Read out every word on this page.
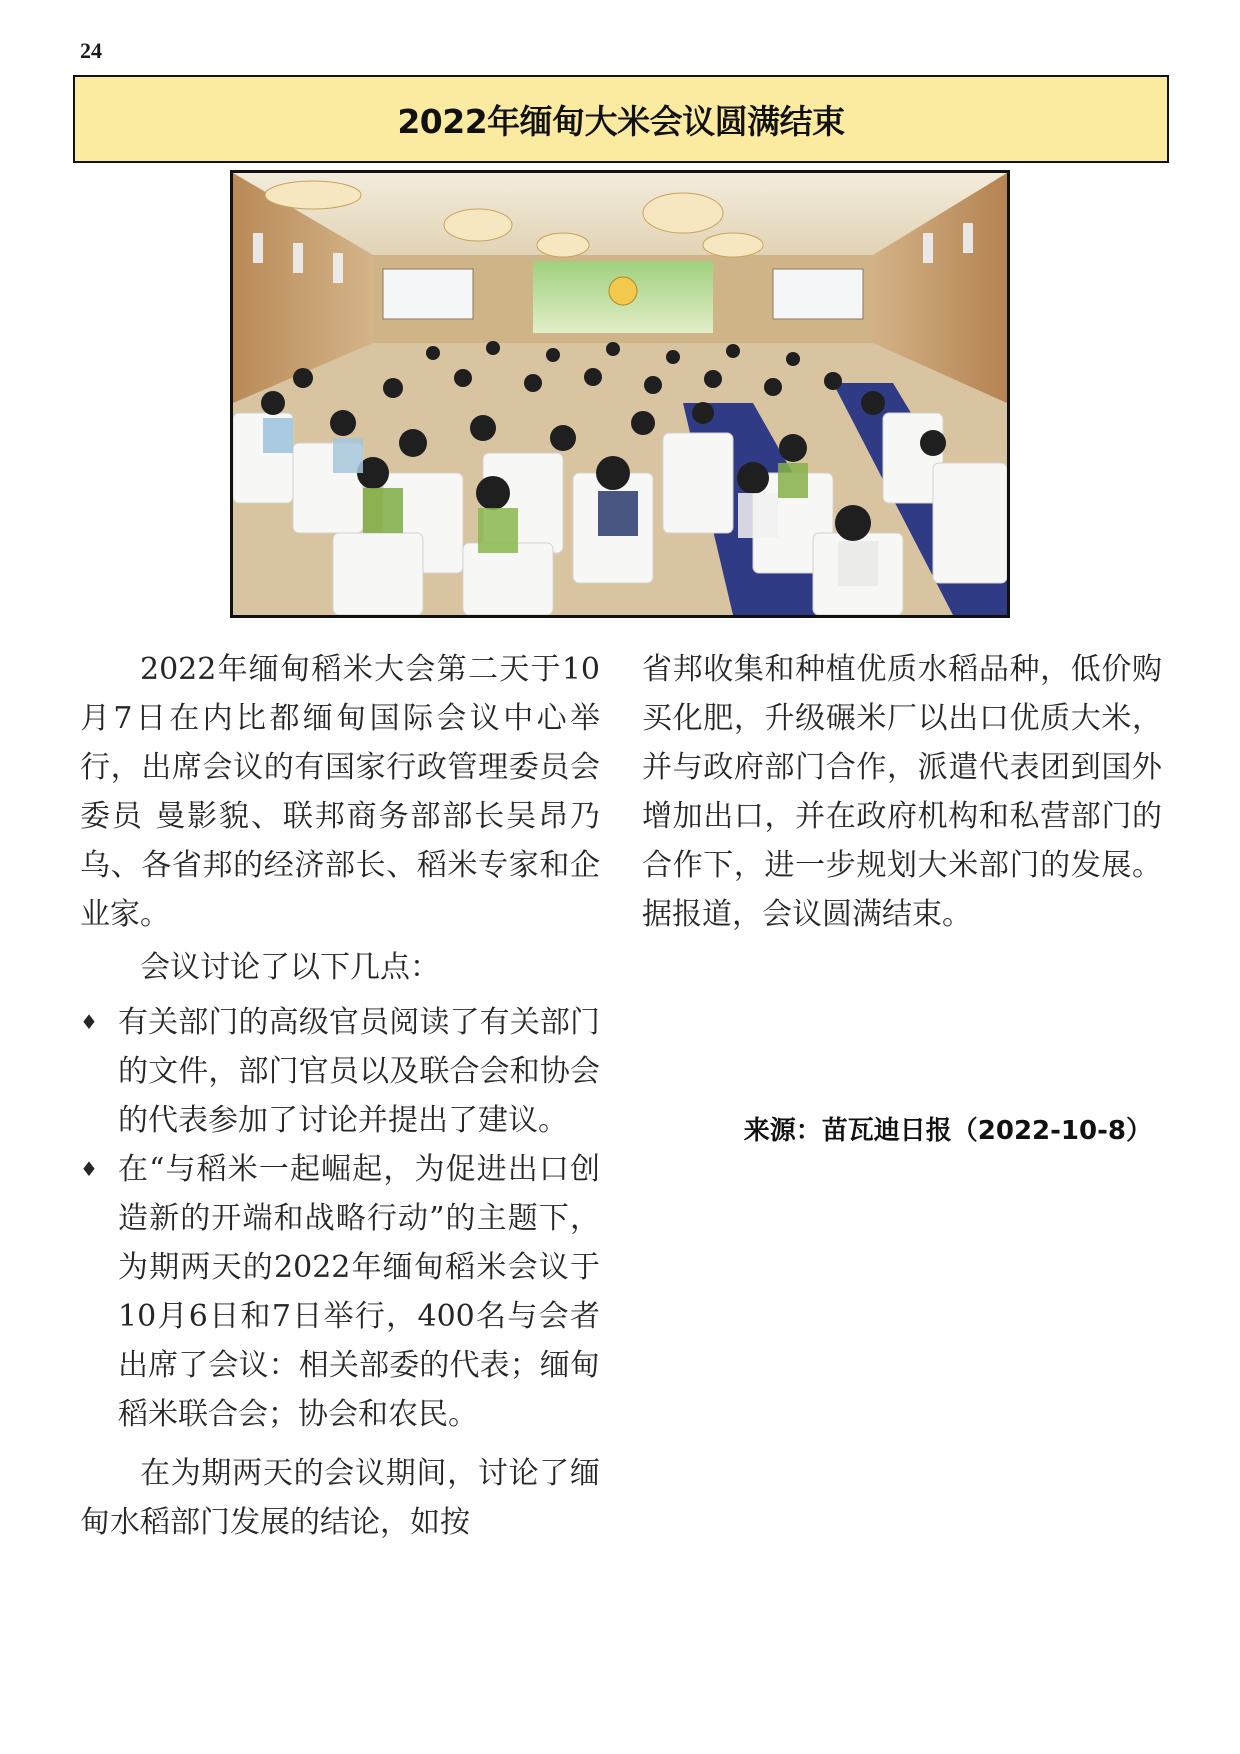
24
2022年缅甸大米会议圆满结束

2022年缅甸稻米大会第二天于10月7日在内比都缅甸国际会议中心举行，出席会议的有国家行政管理委员会委员 曼影貌、联邦商务部部长吴昂乃乌、各省邦的经济部长、稻米专家和企业家。

会议讨论了以下几点：

♦ 有关部门的高级官员阅读了有关部门的文件，部门官员以及联合会和协会的代表参加了讨论并提出了建议。
♦ 在“与稻米一起崛起，为促进出口创造新的开端和战略行动”的主题下，为期两天的2022年缅甸稻米会议于10月6日和7日举行，400名与会者出席了会议：相关部委的代表；缅甸稻米联合会；协会和农民。

在为期两天的会议期间，讨论了缅甸水稻部门发展的结论，如按

省邦收集和种植优质水稻品种，低价购买化肥，升级碾米厂以出口优质大米，并与政府部门合作，派遣代表团到国外增加出口，并在政府机构和私营部门的合作下，进一步规划大米部门的发展。据报道，会议圆满结束。

来源：苗瓦迪日报（2022-10-8）
